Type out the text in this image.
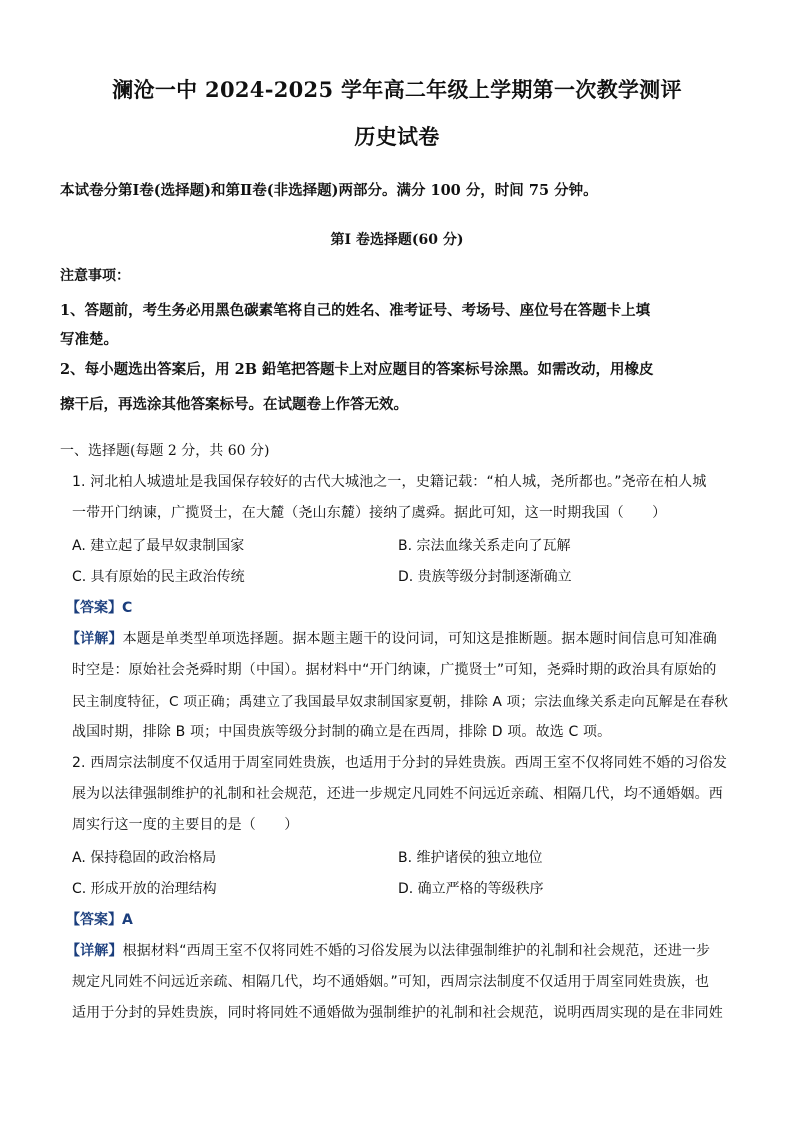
澜沧一中 2024-2025 学年高二年级上学期第一次教学测评
历史试卷
本试卷分第Ⅰ卷(选择题)和第Ⅱ卷(非选择题)两部分。满分 100 分，时间 75 分钟。
第Ⅰ 卷选择题(60 分)
注意事项：
1、答题前，考生务必用黑色碳素笔将自己的姓名、准考证号、考场号、座位号在答题卡上填
写准楚。
2、每小题选出答案后，用 2B 鉛笔把答题卡上对应题目的答案标号涂黑。如需改动，用橡皮
擦干后，再选涂其他答案标号。在试题卷上作答无效。
一、选择题(每题 2 分，共 60 分)
1. 河北柏人城遗址是我国保存较好的古代大城池之一，史籍记载：“柏人城，尧所都也。”尧帝在柏人城
一带开门纳谏，广揽贤士，在大麓（尧山东麓）接纳了虞舜。据此可知，这一时期我国（　　）
A. 建立起了最早奴隶制国家	B. 宗法血缘关系走向了瓦解
C. 具有原始的民主政治传统	D. 贵族等级分封制逐渐确立
【答案】C
【详解】本题是单类型单项选择题。据本题主题干的设问词，可知这是推断题。据本题时间信息可知准确
时空是：原始社会尧舜时期（中国）。据材料中“开门纳谏，广揽贤士”可知，尧舜时期的政治具有原始的
民主制度特征，C 项正确；禹建立了我国最早奴隶制国家夏朝，排除 A 项；宗法血缘关系走向瓦解是在春秋
战国时期，排除 B 项；中国贵族等级分封制的确立是在西周，排除 D 项。故选 C 项。
2. 西周宗法制度不仅适用于周室同姓贵族，也适用于分封的异姓贵族。西周王室不仅将同姓不婚的习俗发
展为以法律强制维护的礼制和社会规范，还进一步规定凡同姓不问远近亲疏、相隔几代，均不通婚姻。西
周实行这一度的主要目的是（　　）
A. 保持稳固的政治格局	B. 维护诸侯的独立地位
C. 形成开放的治理结构	D. 确立严格的等级秩序
【答案】A
【详解】根据材料“西周王室不仅将同姓不婚的习俗发展为以法律强制维护的礼制和社会规范，还进一步
规定凡同姓不问远近亲疏、相隔几代，均不通婚姻。”可知，西周宗法制度不仅适用于周室同姓贵族，也
适用于分封的异姓贵族，同时将同姓不通婚做为强制维护的礼制和社会规范，说明西周实现的是在非同姓
